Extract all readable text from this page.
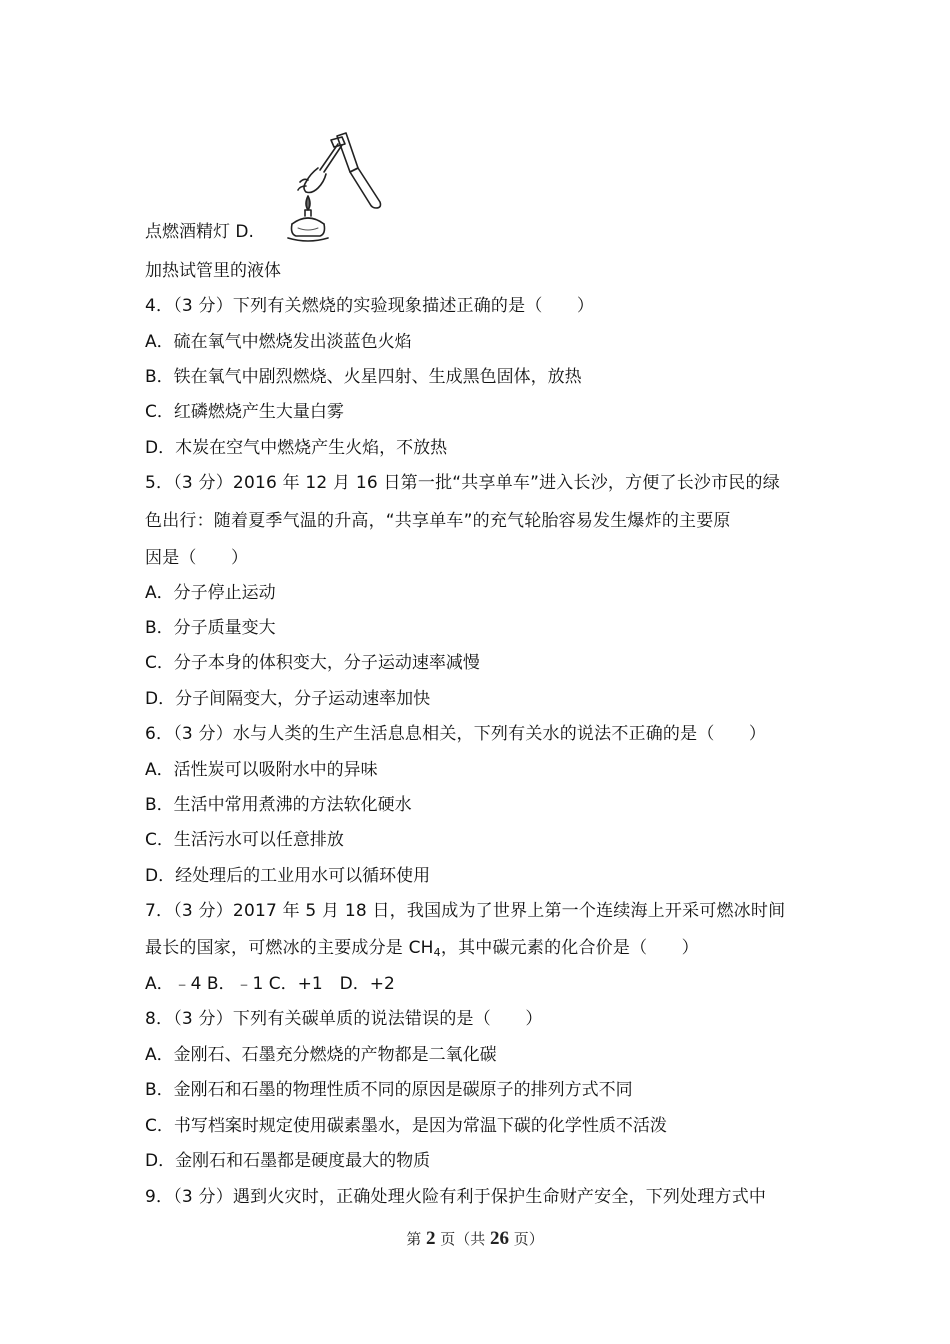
点燃酒精灯 D.
加热试管里的液体
4．（3 分）下列有关燃烧的实验现象描述正确的是（　　）
A．硫在氧气中燃烧发出淡蓝色火焰
B．铁在氧气中剧烈燃烧、火星四射、生成黑色固体，放热
C．红磷燃烧产生大量白雾
D．木炭在空气中燃烧产生火焰，不放热
5．（3 分）2016 年 12 月 16 日第一批“共享单车”进入长沙，方便了长沙市民的绿
色出行：随着夏季气温的升高，“共享单车”的充气轮胎容易发生爆炸的主要原
因是（　　）
A．分子停止运动
B．分子质量变大
C．分子本身的体积变大，分子运动速率减慢
D．分子间隔变大，分子运动速率加快
6．（3 分）水与人类的生产生活息息相关，下列有关水的说法不正确的是（　　）
A．活性炭可以吸附水中的异味
B．生活中常用煮沸的方法软化硬水
C．生活污水可以任意排放
D．经处理后的工业用水可以循环使用
7．（3 分）2017 年 5 月 18 日，我国成为了世界上第一个连续海上开采可燃冰时间
最长的国家，可燃冰的主要成分是 $CH_4$，其中碳元素的化合价是（　　）
A．﹣4 B．﹣1 C．+1　D．+2
8．（3 分）下列有关碳单质的说法错误的是（　　）
A．金刚石、石墨充分燃烧的产物都是二氧化碳
B．金刚石和石墨的物理性质不同的原因是碳原子的排列方式不同
C．书写档案时规定使用碳素墨水，是因为常温下碳的化学性质不活泼
D．金刚石和石墨都是硬度最大的物质
9．（3 分）遇到火灾时，正确处理火险有利于保护生命财产安全，下列处理方式中
第 2 页（共 26 页）
